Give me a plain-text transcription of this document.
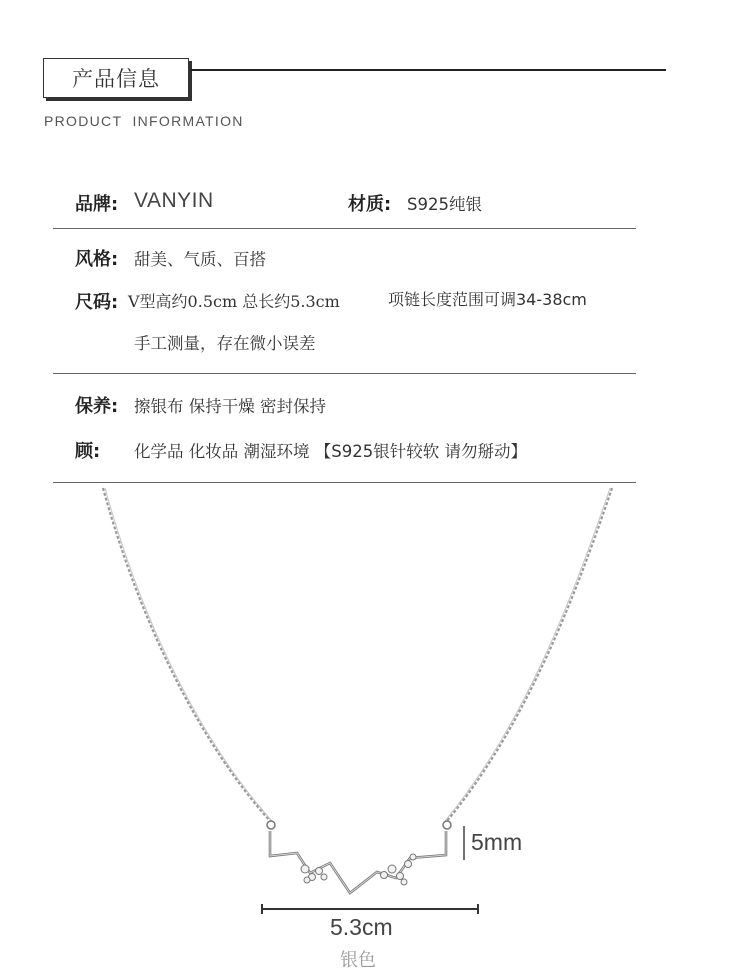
产品信息
PRODUCT  INFORMATION
品牌: VANYIN	材质: S925纯银
风格: 甜美、气质、百搭
尺码: V型高约0.5cm 总长约5.3cm	项链长度范围可调34-38cm
手工测量，存在微小误差
保养: 擦银布 保持干燥 密封保持
顾: 化学品 化妆品 潮湿环境 【S925银针较软 请勿掰动】
5mm
5.3cm
银色
